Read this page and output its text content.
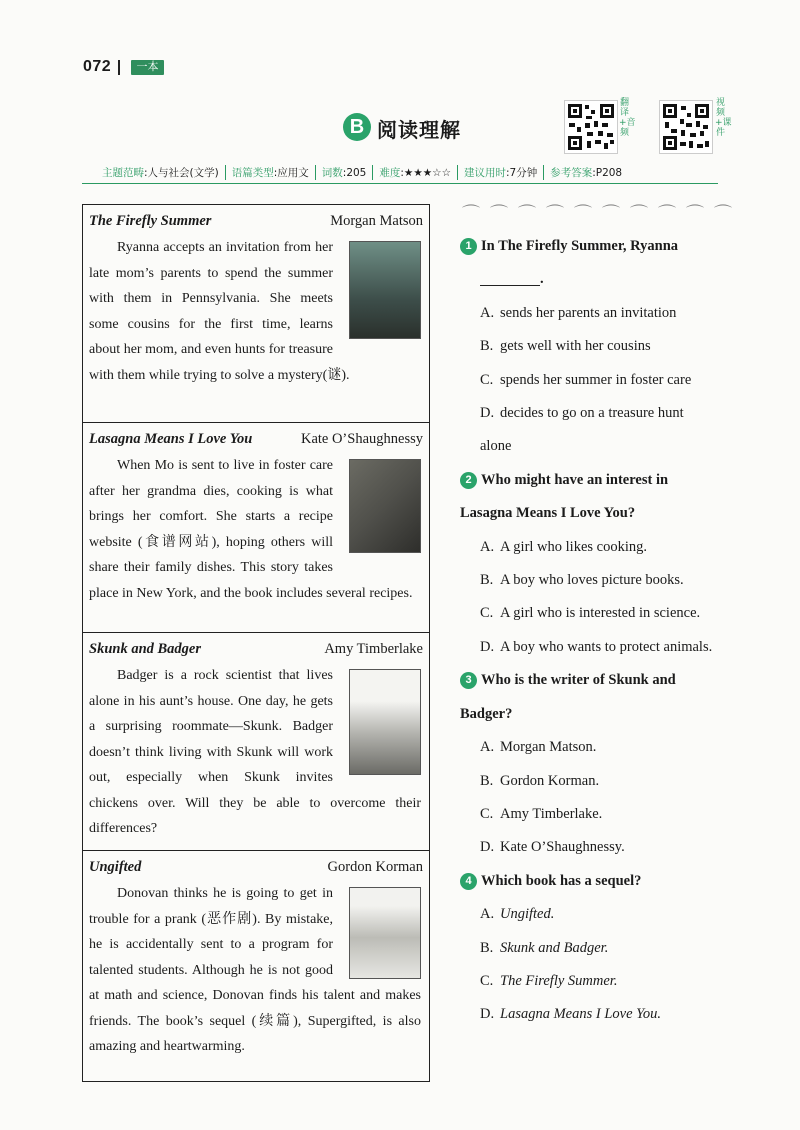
072	一本
B 阅读理解
翻译+音频
视频+课件
主题范畴:人与社会(文学)	语篇类型:应用文	词数:205	难度:★★★☆☆	建议用时:7分钟	参考答案:P208
The Firefly Summer	Morgan Matson
Ryanna accepts an invitation from her late mom’s parents to spend the summer with them in Pennsylvania. She meets some cousins for the first time, learns about her mom, and even hunts for treasure with them while trying to solve a mystery(谜).
Lasagna Means I Love You	Kate O’Shaughnessy
When Mo is sent to live in foster care after her grandma dies, cooking is what brings her comfort. She starts a recipe website (食谱网站), hoping others will share their family dishes. This story takes place in New York, and the book includes several recipes.
Skunk and Badger	Amy Timberlake
Badger is a rock scientist that lives alone in his aunt’s house. One day, he gets a surprising roommate—Skunk. Badger doesn’t think living with Skunk will work out, especially when Skunk invites chickens over. Will they be able to overcome their differences?
Ungifted	Gordon Korman
Donovan thinks he is going to get in trouble for a prank (恶作剧). By mistake, he is accidentally sent to a program for talented students. Although he is not good at math and science, Donovan finds his talent and makes friends. The book’s sequel (续篇), Supergifted, is also amazing and heartwarming.
⌒⌒⌒⌒⌒⌒⌒⌒⌒⌒
1 In The Firefly Summer, Ryanna
.
A. sends her parents an invitation
B. gets well with her cousins
C. spends her summer in foster care
D. decides to go on a treasure hunt alone
2 Who might have an interest in Lasagna Means I Love You?
A. A girl who likes cooking.
B. A boy who loves picture books.
C. A girl who is interested in science.
D. A boy who wants to protect animals.
3 Who is the writer of Skunk and Badger?
A. Morgan Matson.
B. Gordon Korman.
C. Amy Timberlake.
D. Kate O’Shaughnessy.
4 Which book has a sequel?
A. Ungifted.
B. Skunk and Badger.
C. The Firefly Summer.
D. Lasagna Means I Love You.
